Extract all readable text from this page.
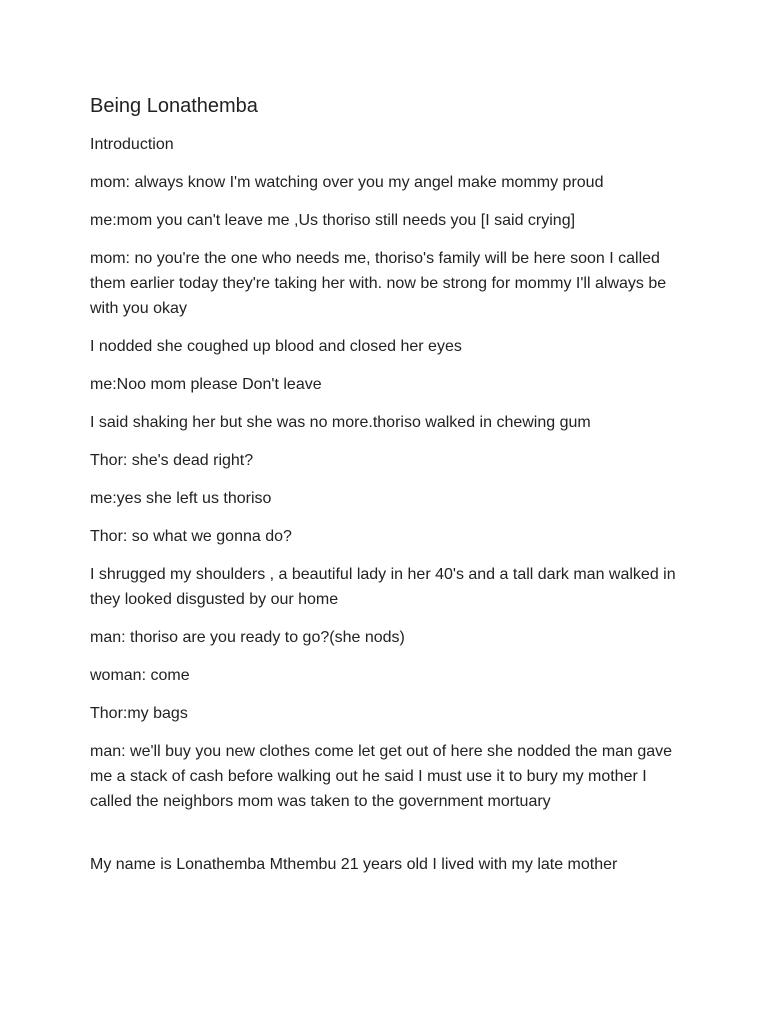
Being Lonathemba

Introduction

mom: always know I'm watching over you my angel make mommy proud

me:mom you can't leave me ,Us thoriso still needs you [I said crying]

mom: no you're the one who needs me, thoriso's family will be here soon I called them earlier today they're taking her with. now be strong for mommy I'll always be with you okay

I nodded she coughed up blood and closed her eyes

me:Noo mom please Don't leave

I said shaking her but she was no more.thoriso walked in chewing gum

Thor: she's dead right?

me:yes she left us thoriso

Thor: so what we gonna do?

I shrugged my shoulders , a beautiful lady in her 40's and a tall dark man walked in they looked disgusted by our home

man: thoriso are you ready to go?(she nods)

woman: come

Thor:my bags

man: we'll buy you new clothes come let get out of here she nodded the man gave me a stack of cash before walking out he said I must use it to bury my mother I called the neighbors mom was taken to the government mortuary

My name is Lonathemba Mthembu 21 years old I lived with my late mother
